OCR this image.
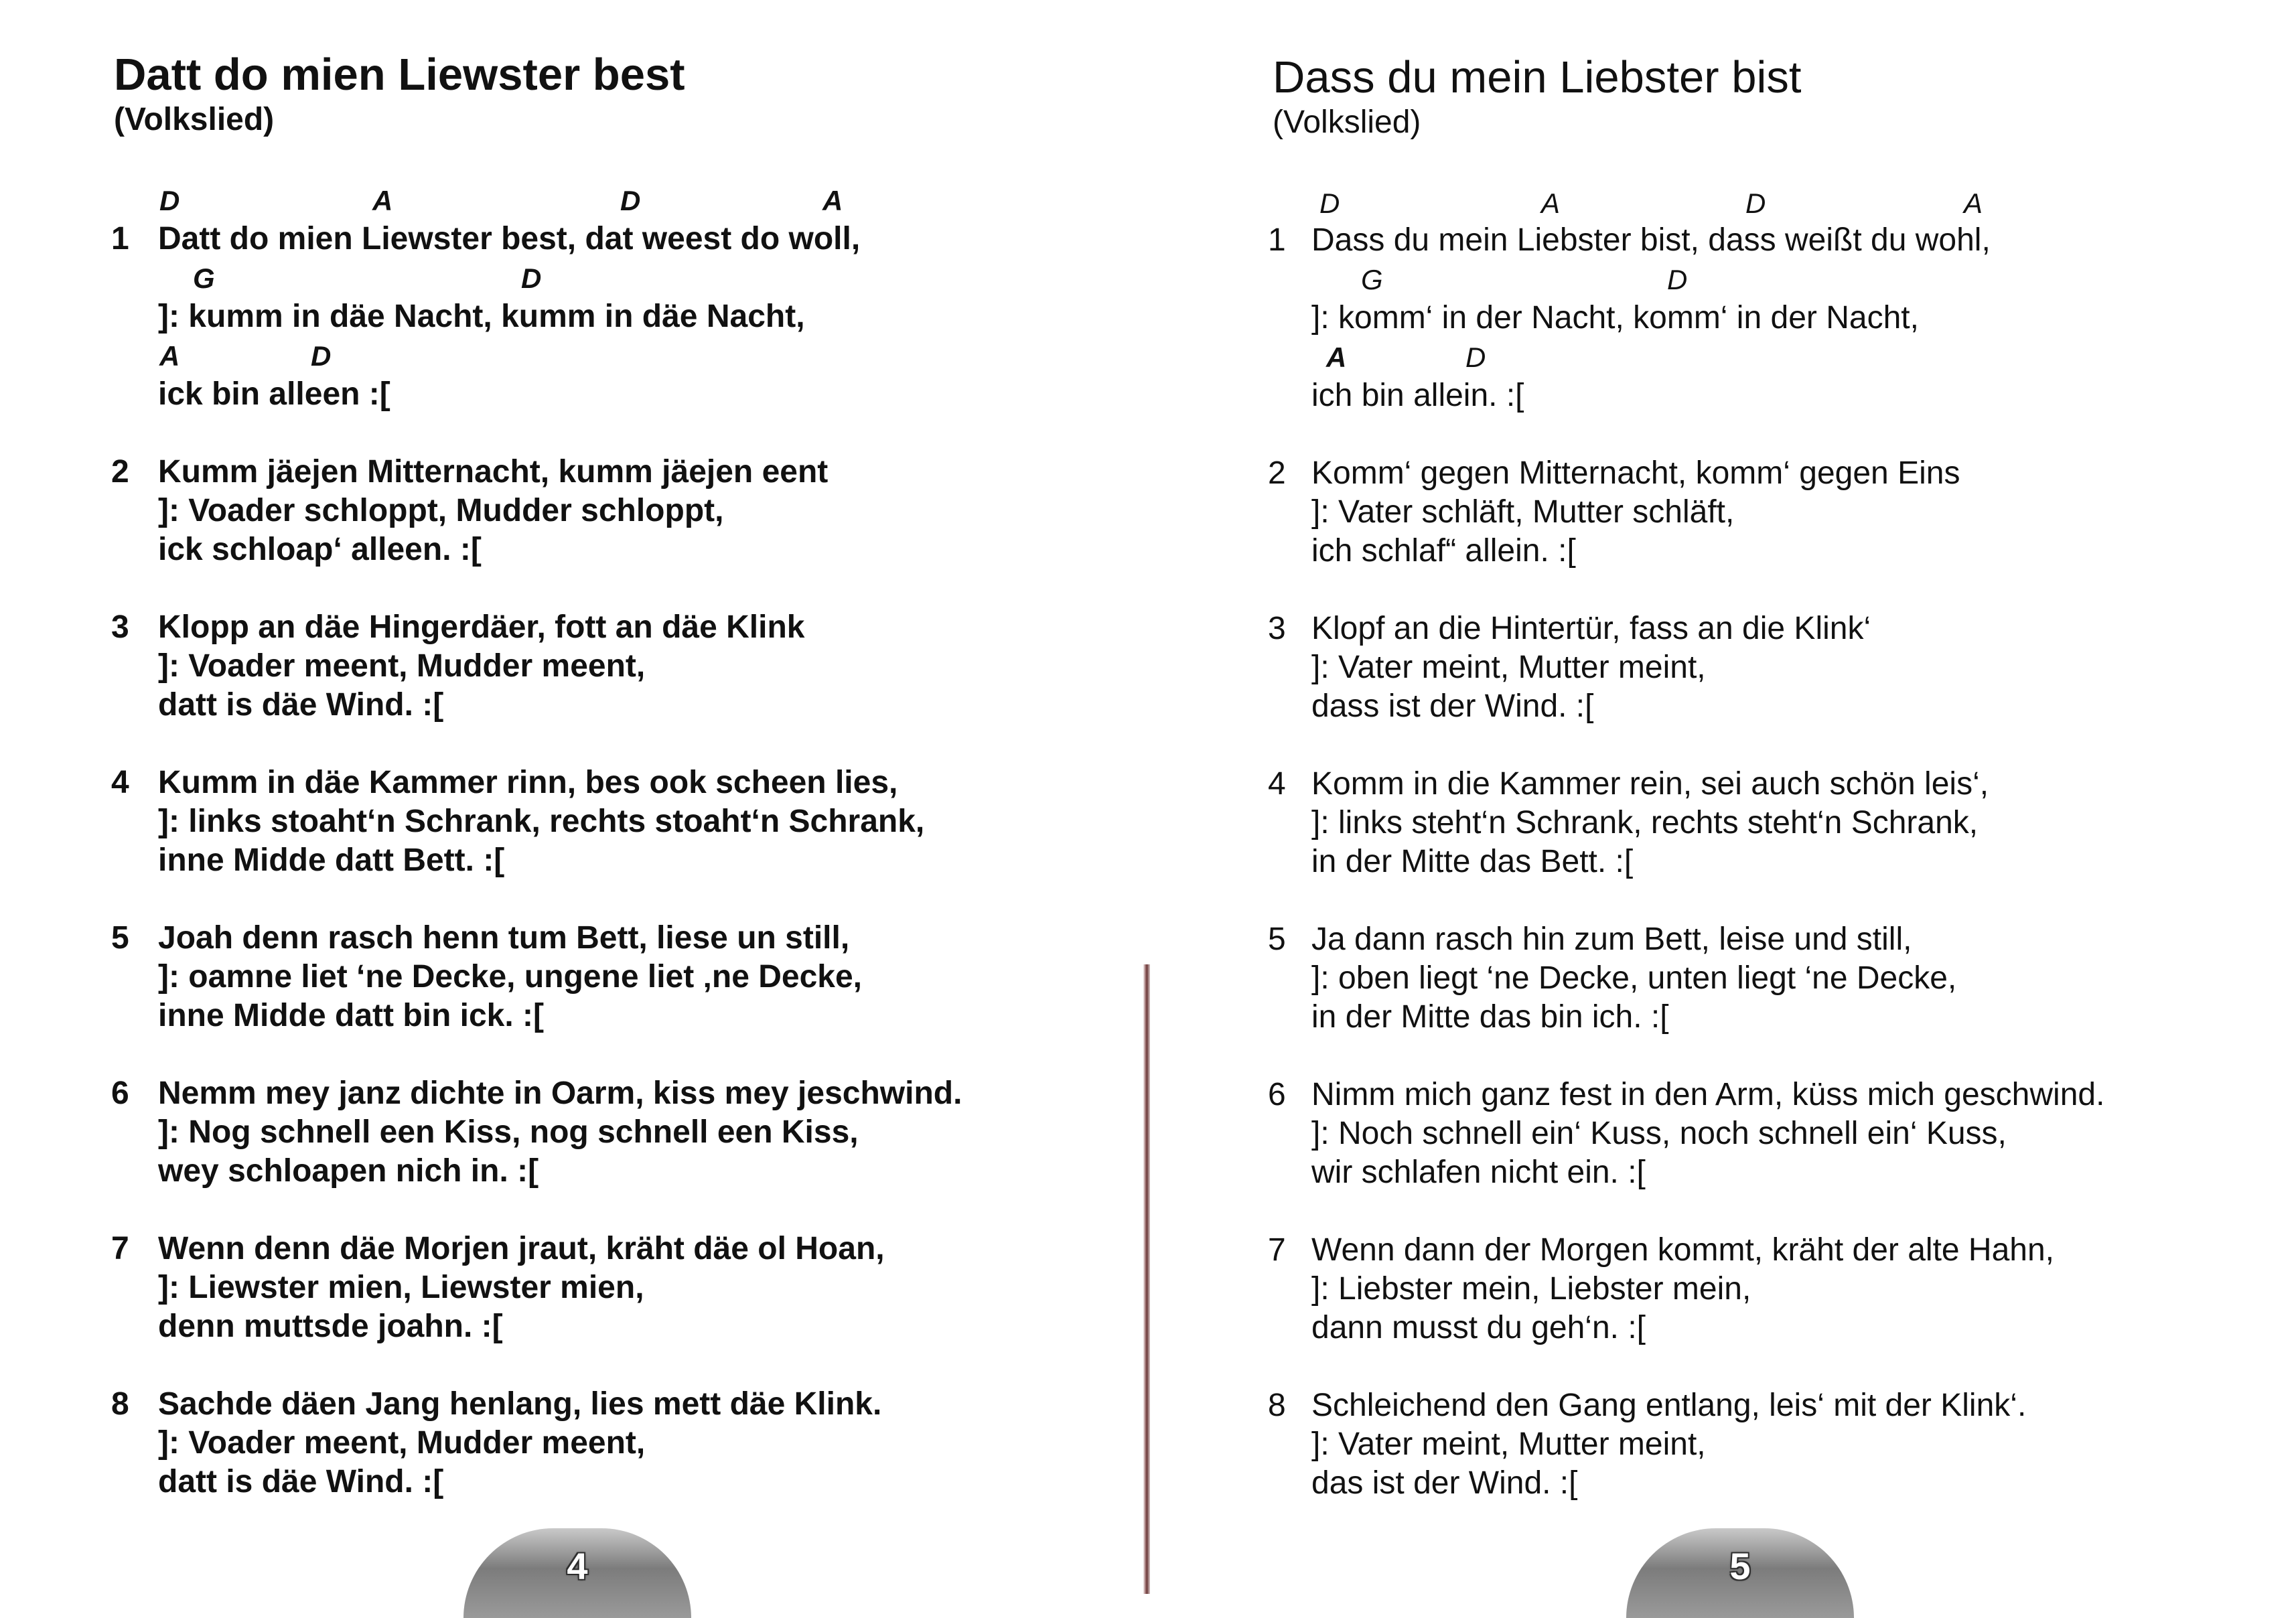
Datt do mien Liewster best
(Volkslied)
D	A	D	A
G	D
A	D
1 Datt do mien Liewster best, dat weest do woll,
]: kumm in däe Nacht, kumm in däe Nacht,
ick bin alleen :[
2 Kumm jäejen Mitternacht, kumm jäejen eent
]: Voader schloppt, Mudder schloppt,
ick schloap‘ alleen. :[
3 Klopp an däe Hingerdäer, fott an däe Klink
]: Voader meent, Mudder meent,
datt is däe Wind. :[
4 Kumm in däe Kammer rinn, bes ook scheen lies,
]: links stoaht‘n Schrank, rechts stoaht‘n Schrank,
inne Midde datt Bett. :[
5 Joah denn rasch henn tum Bett, liese un still,
]: oamne liet ‘ne Decke, ungene liet ‚ne Decke,
inne Midde datt bin ick. :[
6 Nemm mey janz dichte in Oarm, kiss mey jeschwind.
]: Nog schnell een Kiss, nog schnell een Kiss,
wey schloapen nich in. :[
7 Wenn denn däe Morjen jraut, kräht däe ol Hoan,
]: Liewster mien, Liewster mien,
denn muttsde joahn. :[
8 Sachde däen Jang henlang, lies mett däe Klink.
]: Voader meent, Mudder meent,
datt is däe Wind. :[
4
Dass du mein Liebster bist
(Volkslied)
D	A	D	A
G	D
A	D
1 Dass du mein Liebster bist, dass weißt du wohl,
]: komm‘ in der Nacht, komm‘ in der Nacht,
ich bin allein. :[
2 Komm‘ gegen Mitternacht, komm‘ gegen Eins
]: Vater schläft, Mutter schläft,
ich schlaf“ allein. :[
3 Klopf an die Hintertür, fass an die Klink‘
]: Vater meint, Mutter meint,
dass ist der Wind. :[
4 Komm in die Kammer rein, sei auch schön leis‘,
]: links steht‘n Schrank, rechts steht‘n Schrank,
in der Mitte das Bett. :[
5 Ja dann rasch hin zum Bett, leise und still,
]: oben liegt ‘ne Decke, unten liegt ‘ne Decke,
in der Mitte das bin ich. :[
6 Nimm mich ganz fest in den Arm, küss mich geschwind.
]: Noch schnell ein‘ Kuss, noch schnell ein‘ Kuss,
wir schlafen nicht ein. :[
7 Wenn dann der Morgen kommt, kräht der alte Hahn,
]: Liebster mein, Liebster mein,
dann musst du geh‘n. :[
8 Schleichend den Gang entlang, leis‘ mit der Klink‘.
]: Vater meint, Mutter meint,
das ist der Wind. :[
5
